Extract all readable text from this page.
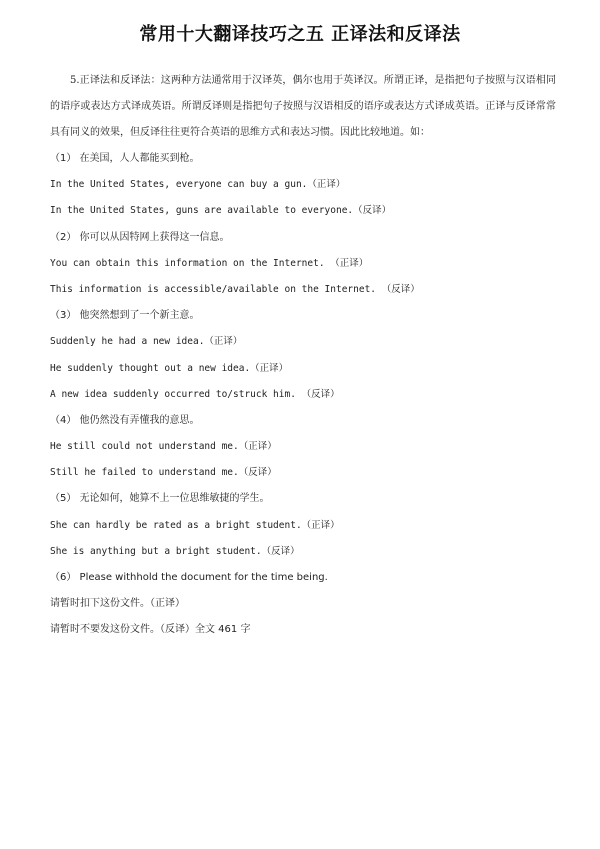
常用十大翻译技巧之五 正译法和反译法

5.正译法和反译法：这两种方法通常用于汉译英，偶尔也用于英译汉。所谓正译，是指把句子按照与汉语相同的语序或表达方式译成英语。所谓反译则是指把句子按照与汉语相反的语序或表达方式译成英语。正译与反译常常具有同义的效果，但反译往往更符合英语的思维方式和表达习惯。因此比较地道。如：

（1） 在美国，人人都能买到枪。
In the United States, everyone can buy a gun.（正译）
In the United States, guns are available to everyone.（反译）
（2） 你可以从因特网上获得这一信息。
You can obtain this information on the Internet. （正译）
This information is accessible/available on the Internet. （反译）
（3） 他突然想到了一个新主意。
Suddenly he had a new idea.（正译）
He suddenly thought out a new idea.（正译）
A new idea suddenly occurred to/struck him. （反译）
（4） 他仍然没有弄懂我的意思。
He still could not understand me.（正译）
Still he failed to understand me.（反译）
（5） 无论如何，她算不上一位思维敏捷的学生。
She can hardly be rated as a bright student.（正译）
She is anything but a bright student.（反译）
（6） Please withhold the document for the time being.
请暂时扣下这份文件。（正译）
请暂时不要发这份文件。（反译）全文 461 字
